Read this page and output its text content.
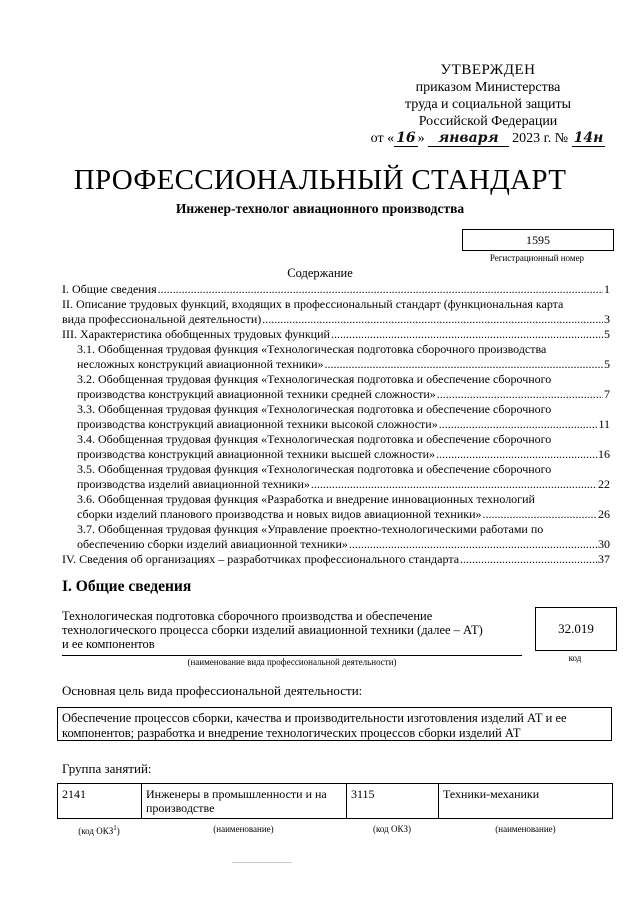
УТВЕРЖДЕН
приказом Министерства
труда и социальной защиты
Российской Федерации
от « 16 » января 2023 г. № 14н
ПРОФЕССИОНАЛЬНЫЙ СТАНДАРТ
Инженер-технолог авиационного производства
1595
Регистрационный номер
Содержание
I. Общие сведения .....	1
II. Описание трудовых функций, входящих в профессиональный стандарт (функциональная карта
вида профессиональной деятельности) .....	3
III. Характеристика обобщенных трудовых функций .....	5
3.1. Обобщенная трудовая функция «Технологическая подготовка сборочного производства
несложных конструкций авиационной техники» .....	5
3.2. Обобщенная трудовая функция «Технологическая подготовка и обеспечение сборочного
производства конструкций авиационной техники средней сложности» .....	7
3.3. Обобщенная трудовая функция «Технологическая подготовка и обеспечение сборочного
производства конструкций авиационной техники высокой сложности» .....	11
3.4. Обобщенная трудовая функция «Технологическая подготовка и обеспечение сборочного
производства конструкций авиационной техники высшей сложности» .....	16
3.5. Обобщенная трудовая функция «Технологическая подготовка и обеспечение сборочного
производства изделий авиационной техники» .....	22
3.6. Обобщенная трудовая функция «Разработка и внедрение инновационных технологий
сборки изделий планового производства и новых видов авиационной техники» .....	26
3.7. Обобщенная трудовая функция «Управление проектно-технологическими работами по
обеспечению сборки изделий авиационной техники» .....	30
IV. Сведения об организациях – разработчиках профессионального стандарта .....	37
I. Общие сведения
Технологическая подготовка сборочного производства и обеспечение
технологического процесса сборки изделий авиационной техники (далее – АТ)
и ее компонентов
(наименование вида профессиональной деятельности)
32.019
код
Основная цель вида профессиональной деятельности:
Обеспечение процессов сборки, качества и производительности изготовления изделий АТ и ее компонентов; разработка и внедрение технологических процессов сборки изделий АТ
Группа занятий:
2141	Инженеры в промышленности и на производстве	3115	Техники-механики
(код ОКЗ$^1$)	(наименование)	(код ОКЗ)	(наименование)
